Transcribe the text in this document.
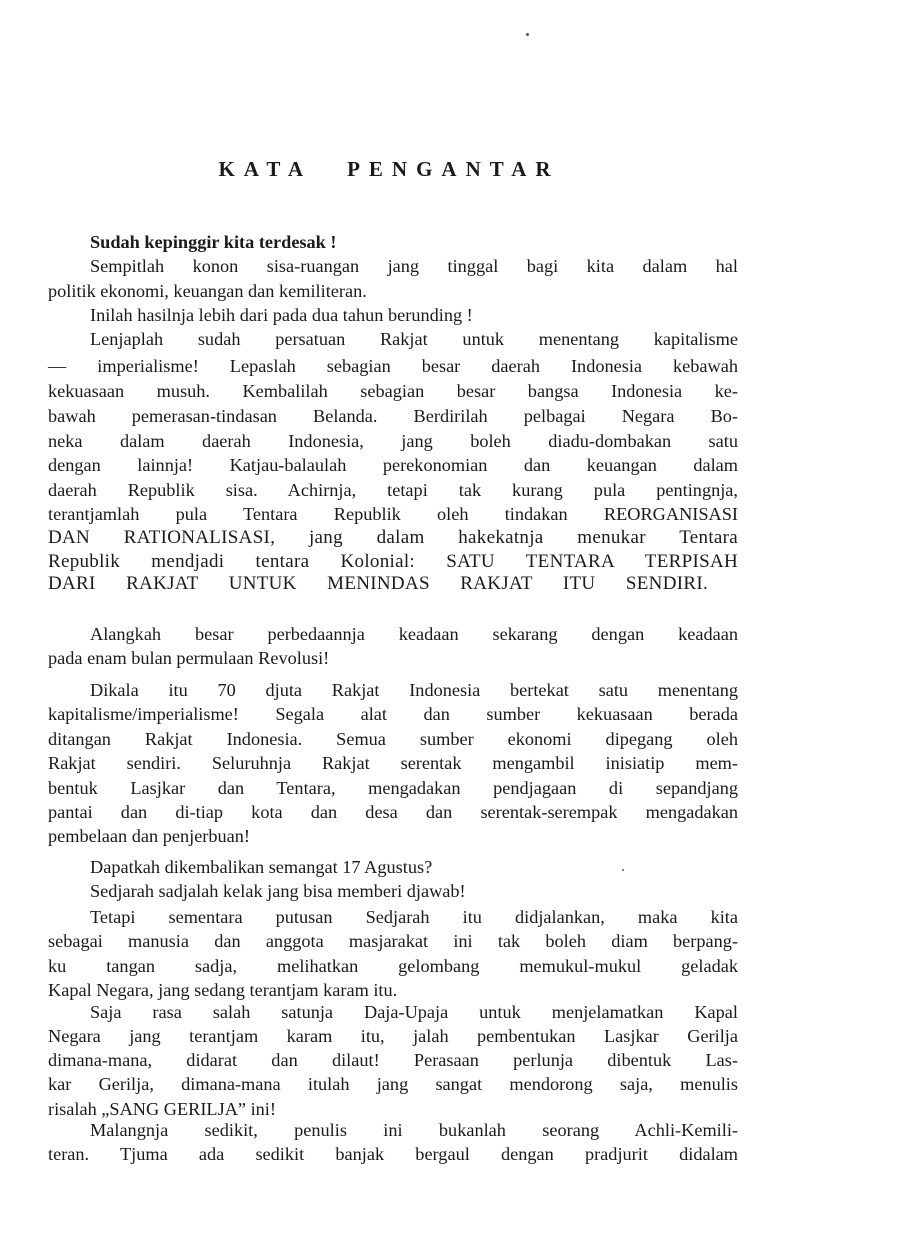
KATA PENGANTAR
Sudah kepinggir kita terdesak !
Sempitlah konon sisa-ruangan jang tinggal bagi kita dalam hal
politik ekonomi, keuangan dan kemiliteran.
Inilah hasilnja lebih dari pada dua tahun berunding !
Lenjaplah sudah persatuan Rakjat untuk menentang kapitalisme
— imperialisme! Lepaslah sebagian besar daerah Indonesia kebawah
kekuasaan musuh. Kembalilah sebagian besar bangsa Indonesia ke-
bawah pemerasan-tindasan Belanda. Berdirilah pelbagai Negara Bo-
neka dalam daerah Indonesia, jang boleh diadu-dombakan satu
dengan lainnja! Katjau-balaulah perekonomian dan keuangan dalam
daerah Republik sisa. Achirnja, tetapi tak kurang pula pentingnja,
terantjamlah pula Tentara Republik oleh tindakan REORGANISASI
DAN RATIONALISASI, jang dalam hakekatnja menukar Tentara
Republik mendjadi tentara Kolonial: SATU TENTARA TERPISAH
DARI RAKJAT UNTUK MENINDAS RAKJAT ITU SENDIRI.
Alangkah besar perbedaannja keadaan sekarang dengan keadaan
pada enam bulan permulaan Revolusi!
Dikala itu 70 djuta Rakjat Indonesia bertekat satu menentang
kapitalisme/imperialisme! Segala alat dan sumber kekuasaan berada
ditangan Rakjat Indonesia. Semua sumber ekonomi dipegang oleh
Rakjat sendiri. Seluruhnja Rakjat serentak mengambil inisiatip mem-
bentuk Lasjkar dan Tentara, mengadakan pendjagaan di sepandjang
pantai dan di-tiap kota dan desa dan serentak-serempak mengadakan
pembelaan dan penjerbuan!
Dapatkah dikembalikan semangat 17 Agustus?
Sedjarah sadjalah kelak jang bisa memberi djawab!
Tetapi sementara putusan Sedjarah itu didjalankan, maka kita
sebagai manusia dan anggota masjarakat ini tak boleh diam berpang-
ku tangan sadja, melihatkan gelombang memukul-mukul geladak
Kapal Negara, jang sedang terantjam karam itu.
Saja rasa salah satunja Daja-Upaja untuk menjelamatkan Kapal
Negara jang terantjam karam itu, jalah pembentukan Lasjkar Gerilja
dimana-mana, didarat dan dilaut! Perasaan perlunja dibentuk Las-
kar Gerilja, dimana-mana itulah jang sangat mendorong saja, menulis
risalah „SANG GERILJA” ini!
Malangnja sedikit, penulis ini bukanlah seorang Achli-Kemili-
teran. Tjuma ada sedikit banjak bergaul dengan pradjurit didalam
